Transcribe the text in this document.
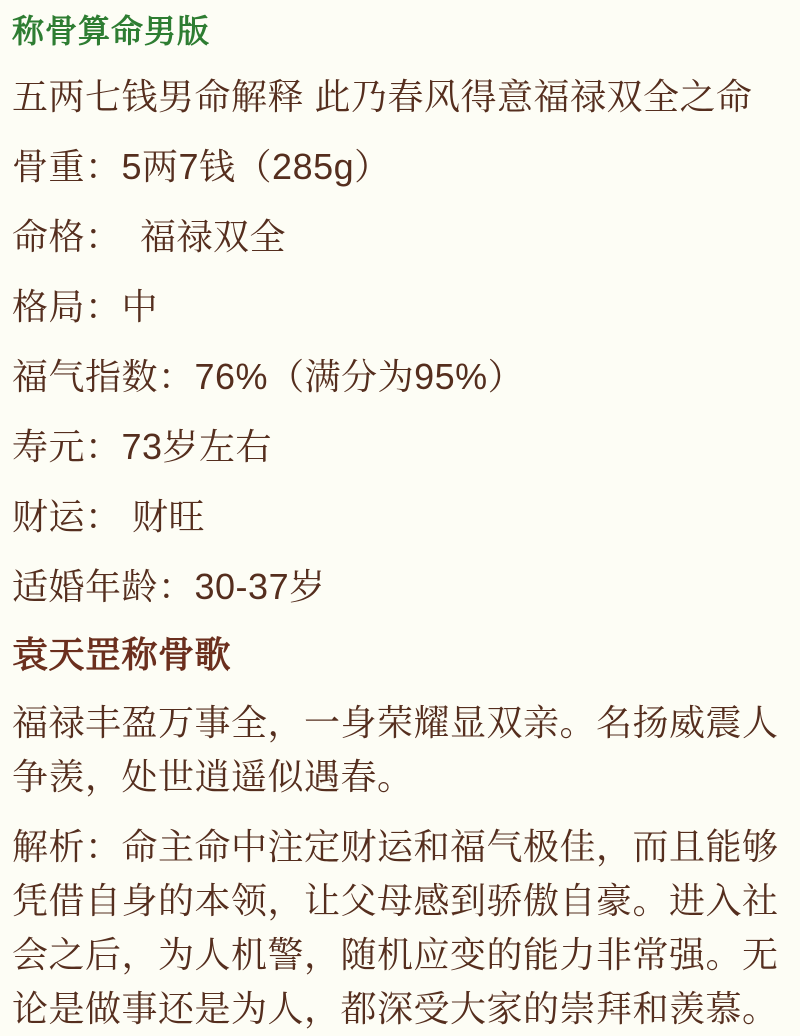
称骨算命男版

五两七钱男命解释 此乃春风得意福禄双全之命

骨重：5两7钱（285g）

命格：　福禄双全

格局：中

福气指数：76%（满分为95%）

寿元：73岁左右

财运： 财旺

适婚年龄：30-37岁

袁天罡称骨歌

福禄丰盈万事全，一身荣耀显双亲。名扬威震人争羡，处世逍遥似遇春。

解析：命主命中注定财运和福气极佳，而且能够凭借自身的本领，让父母感到骄傲自豪。进入社会之后，为人机警，随机应变的能力非常强。无论是做事还是为人，都深受大家的崇拜和羡慕。
